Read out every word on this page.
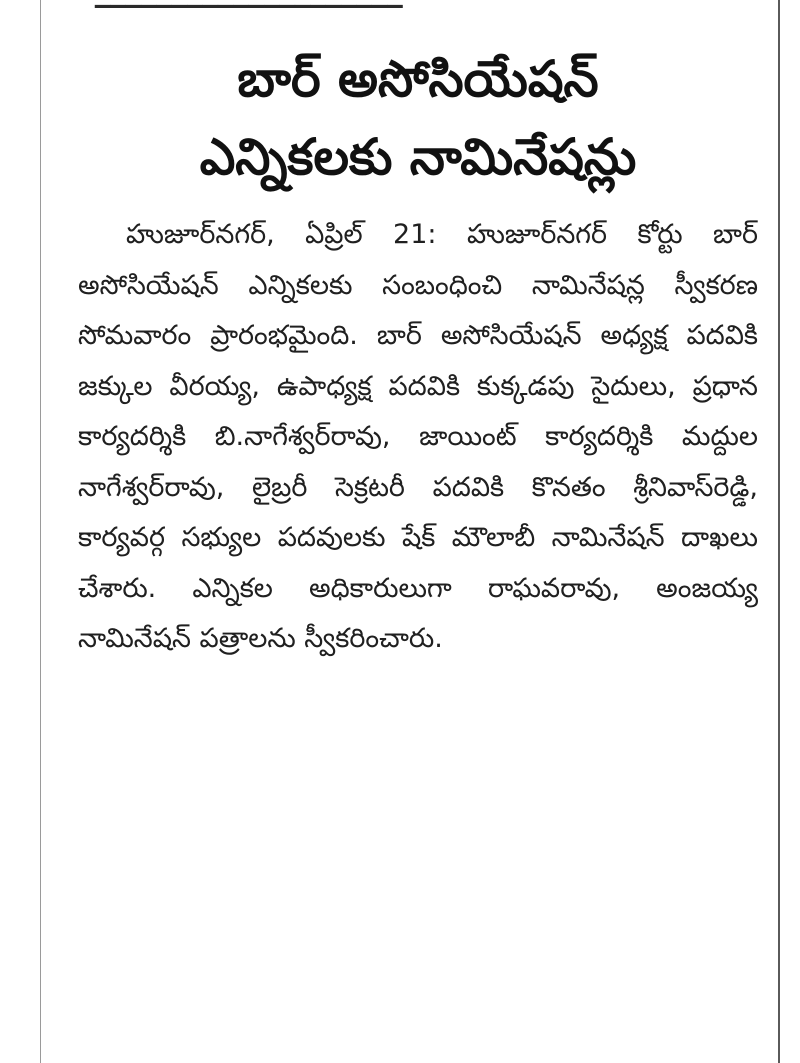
బార్ అసోసియేషన్
ఎన్నికలకు నామినేషన్లు

హుజూర్‌నగర్, ఏప్రిల్ 21: హుజూర్‌నగర్ కోర్టు బార్ అసోసియేషన్ ఎన్నికలకు సంబంధించి నామినేషన్ల స్వీకరణ సోమవారం ప్రారంభమైంది. బార్ అసోసియేషన్ అధ్యక్ష పదవికి జక్కుల వీరయ్య, ఉపాధ్యక్ష పదవికి కుక్కడపు సైదులు, ప్రధాన కార్యదర్శికి బి.నాగేశ్వర్‌రావు, జాయింట్ కార్యదర్శికి మద్దుల నాగేశ్వర్‌రావు, లైబ్రరీ సెక్రటరీ పదవికి కొనతం శ్రీనివాస్‌రెడ్డి, కార్యవర్గ సభ్యుల పదవులకు షేక్ మౌలాబీ నామినేషన్ దాఖలు చేశారు. ఎన్నికల అధికారులుగా రాఘవరావు, అంజయ్య నామినేషన్ పత్రాలను స్వీకరించారు.
